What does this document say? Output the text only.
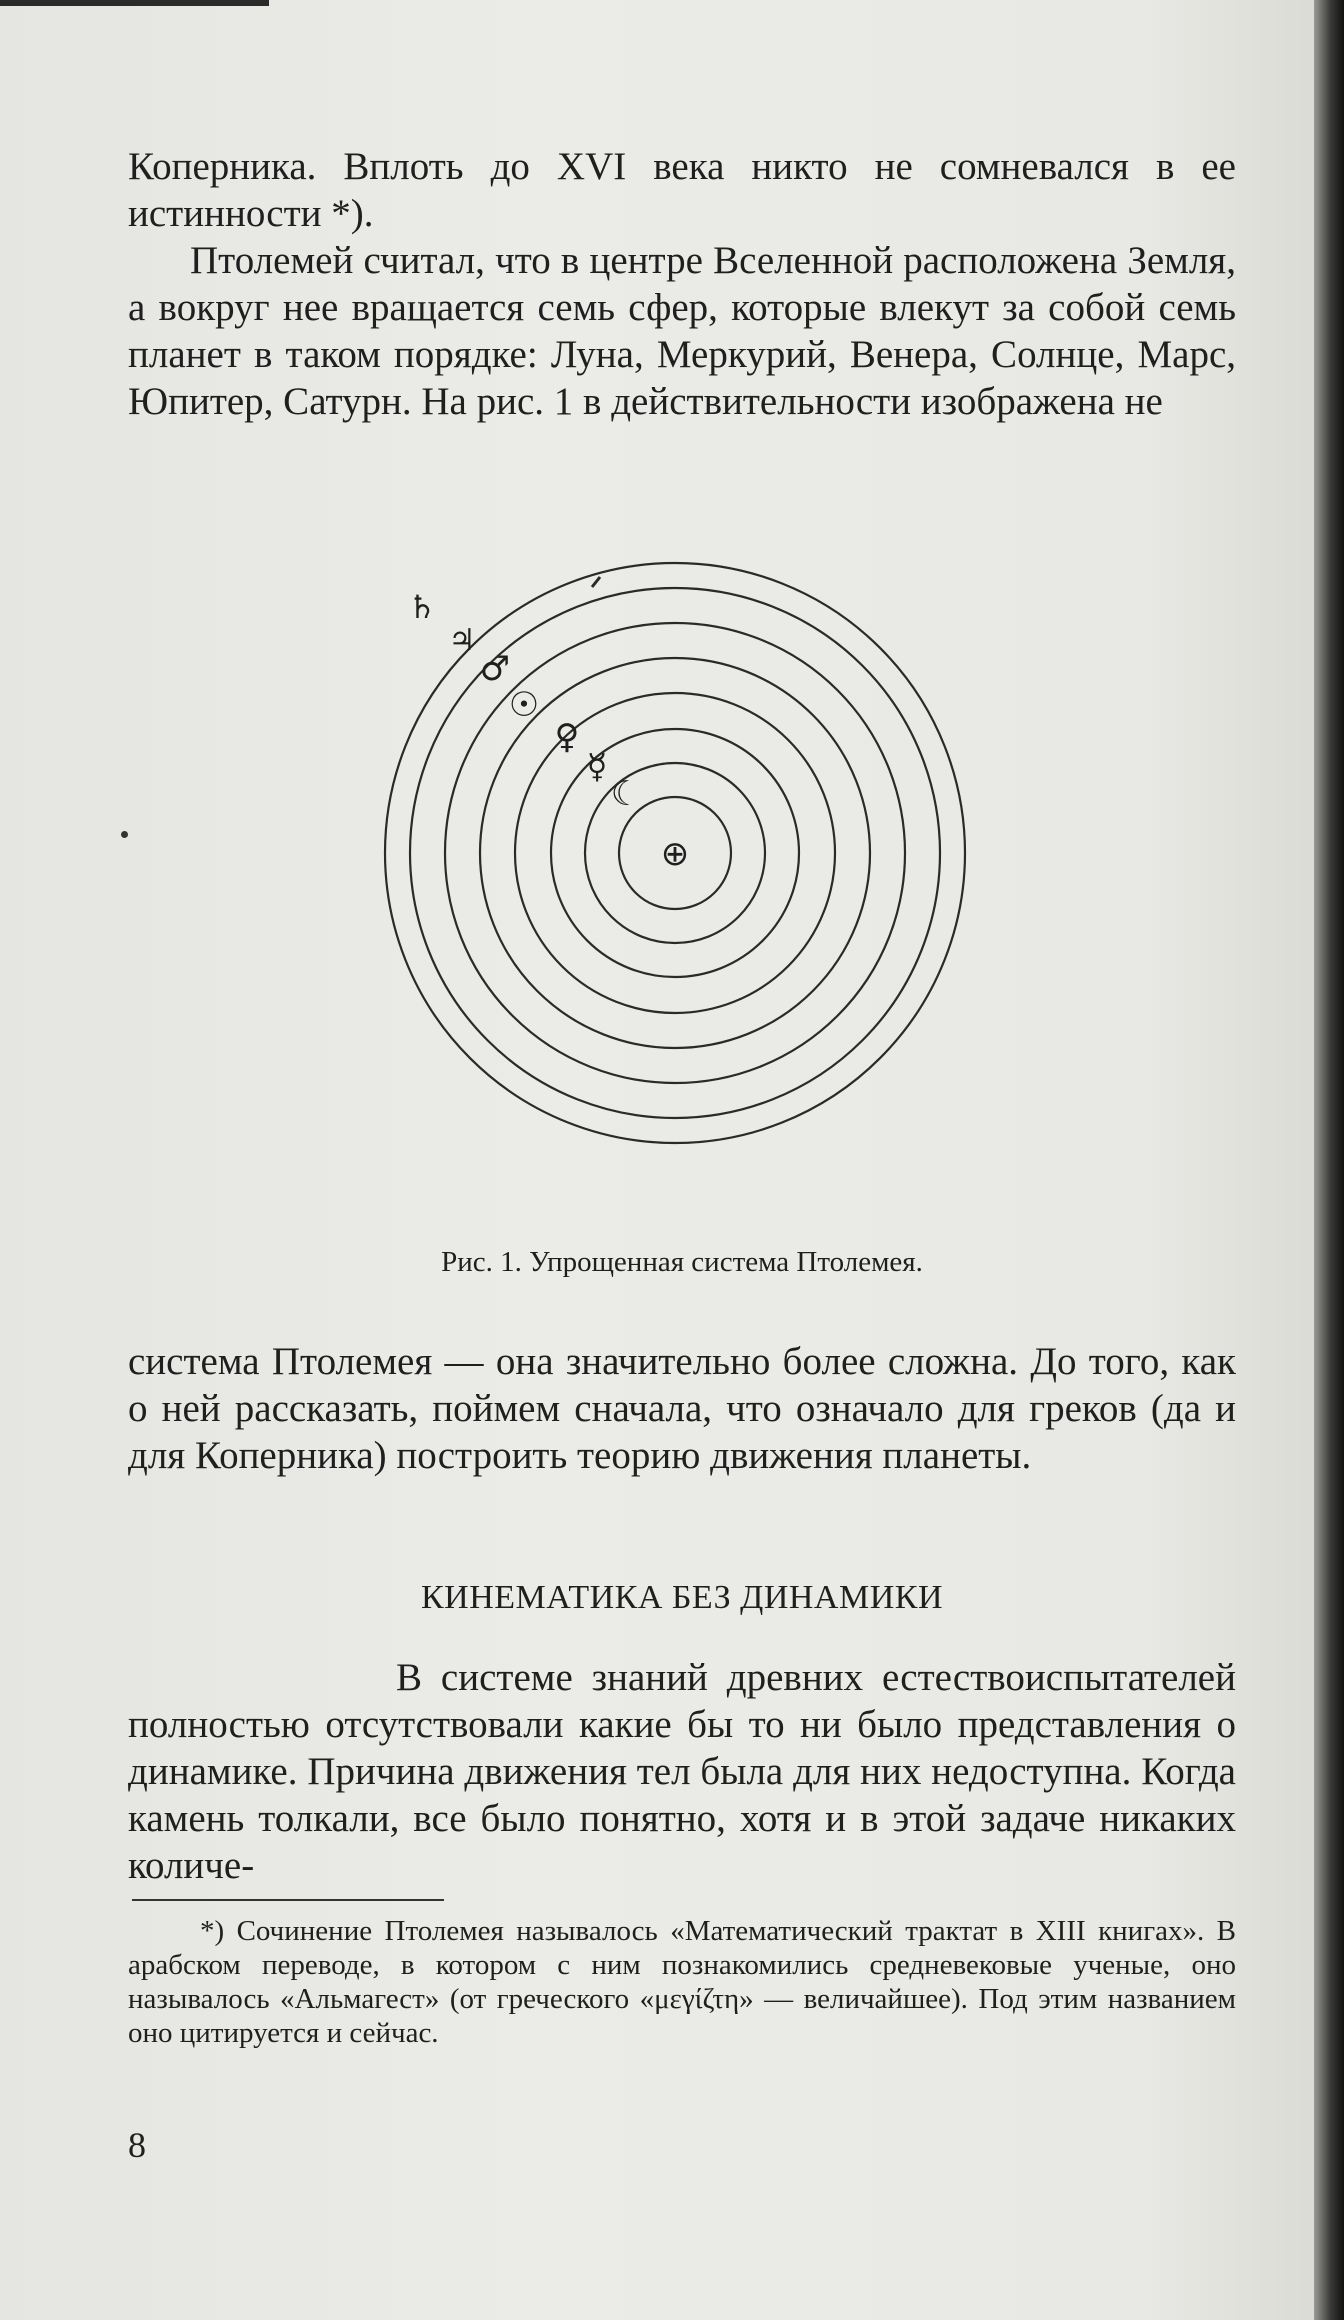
Коперника. Вплоть до XVI века никто не сомневался в ее истинности *).

Птолемей считал, что в центре Вселенной расположена Земля, а вокруг нее вращается семь сфер, которые влекут за собой семь планет в таком порядке: Луна, Меркурий, Венера, Солнце, Марс, Юпитер, Сатурн. На рис. 1 в действительности изображена не

⊕
☾
☿
♀
☉
♂
♃
♄

Рис. 1. Упрощенная система Птолемея.

система Птолемея — она значительно более сложна. До того, как о ней рассказать, поймем сначала, что означало для греков (да и для Коперника) построить теорию движения планеты.

КИНЕМАТИКА БЕЗ ДИНАМИКИ

В системе знаний древних естествоиспытателей полностью отсутствовали какие бы то ни было представления о динамике. Причина движения тел была для них недоступна. Когда камень толкали, все было понятно, хотя и в этой задаче никаких количе-

*) Сочинение Птолемея называлось «Математический трактат в XIII книгах». В арабском переводе, в котором с ним познакомились средневековые ученые, оно называлось «Альмагест» (от греческого «μεγίζτη» — величайшее). Под этим названием оно цитируется и сейчас.

8
